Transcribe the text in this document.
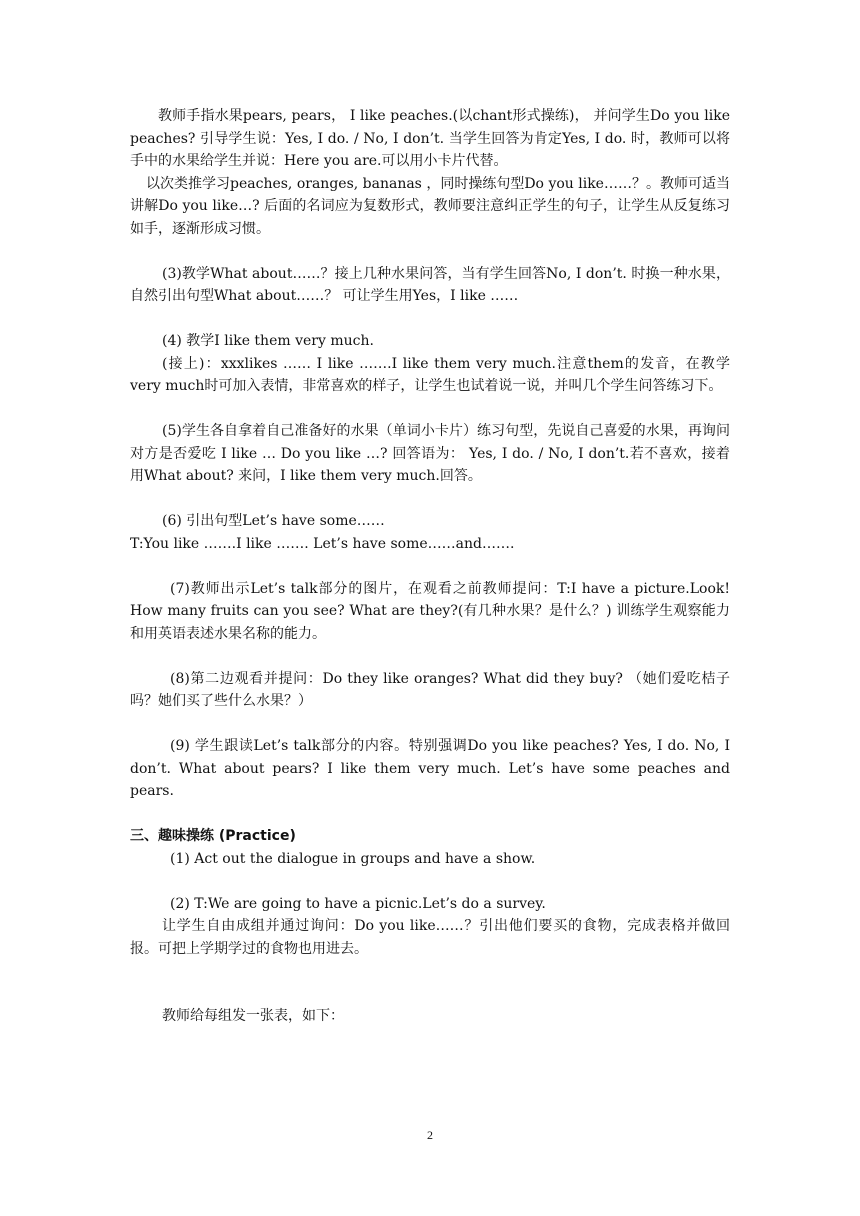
教师手指水果pears, pears， I like peaches.(以chant形式操练)， 并问学生Do you like peaches? 引导学生说：Yes, I do. / No, I don’t. 当学生回答为肯定Yes, I do. 时，教师可以将手中的水果给学生并说：Here you are.可以用小卡片代替。

以次类推学习peaches, oranges, bananas ，同时操练句型Do you like……？。教师可适当讲解Do you like…? 后面的名词应为复数形式，教师要注意纠正学生的句子，让学生从反复练习如手，逐渐形成习惯。

(3)教学What about……？接上几种水果问答，当有学生回答No, I don’t. 时换一种水果，自然引出句型What about……？ 可让学生用Yes，I like ……

(4) 教学I like them very much.

(接上)：xxxlikes …… I like …….I like them very much.注意them的发音，在教学very much时可加入表情，非常喜欢的样子，让学生也试着说一说，并叫几个学生问答练习下。

(5)学生各自拿着自己准备好的水果（单词小卡片）练习句型，先说自己喜爱的水果，再询问对方是否爱吃 I like … Do you like …? 回答语为： Yes, I do. / No, I don’t.若不喜欢，接着用What about? 来问，I like them very much.回答。

(6) 引出句型Let’s have some……

T:You like …….I like ……. Let’s have some……and…….

(7)教师出示Let’s talk部分的图片，在观看之前教师提问：T:I have a picture.Look! How many fruits can you see? What are they?(有几种水果？是什么？) 训练学生观察能力和用英语表述水果名称的能力。

(8)第二边观看并提问：Do they like oranges? What did they buy? （她们爱吃桔子吗？她们买了些什么水果？）

(9) 学生跟读Let’s talk部分的内容。特别强调Do you like peaches? Yes, I do. No, I don’t. What about pears? I like them very much. Let’s have some peaches and pears.

三、趣味操练 (Practice)

(1) Act out the dialogue in groups and have a show.

(2) T:We are going to have a picnic.Let’s do a survey.

让学生自由成组并通过询问：Do you like……？引出他们要买的食物，完成表格并做回报。可把上学期学过的食物也用进去。

教师给每组发一张表，如下：

2
